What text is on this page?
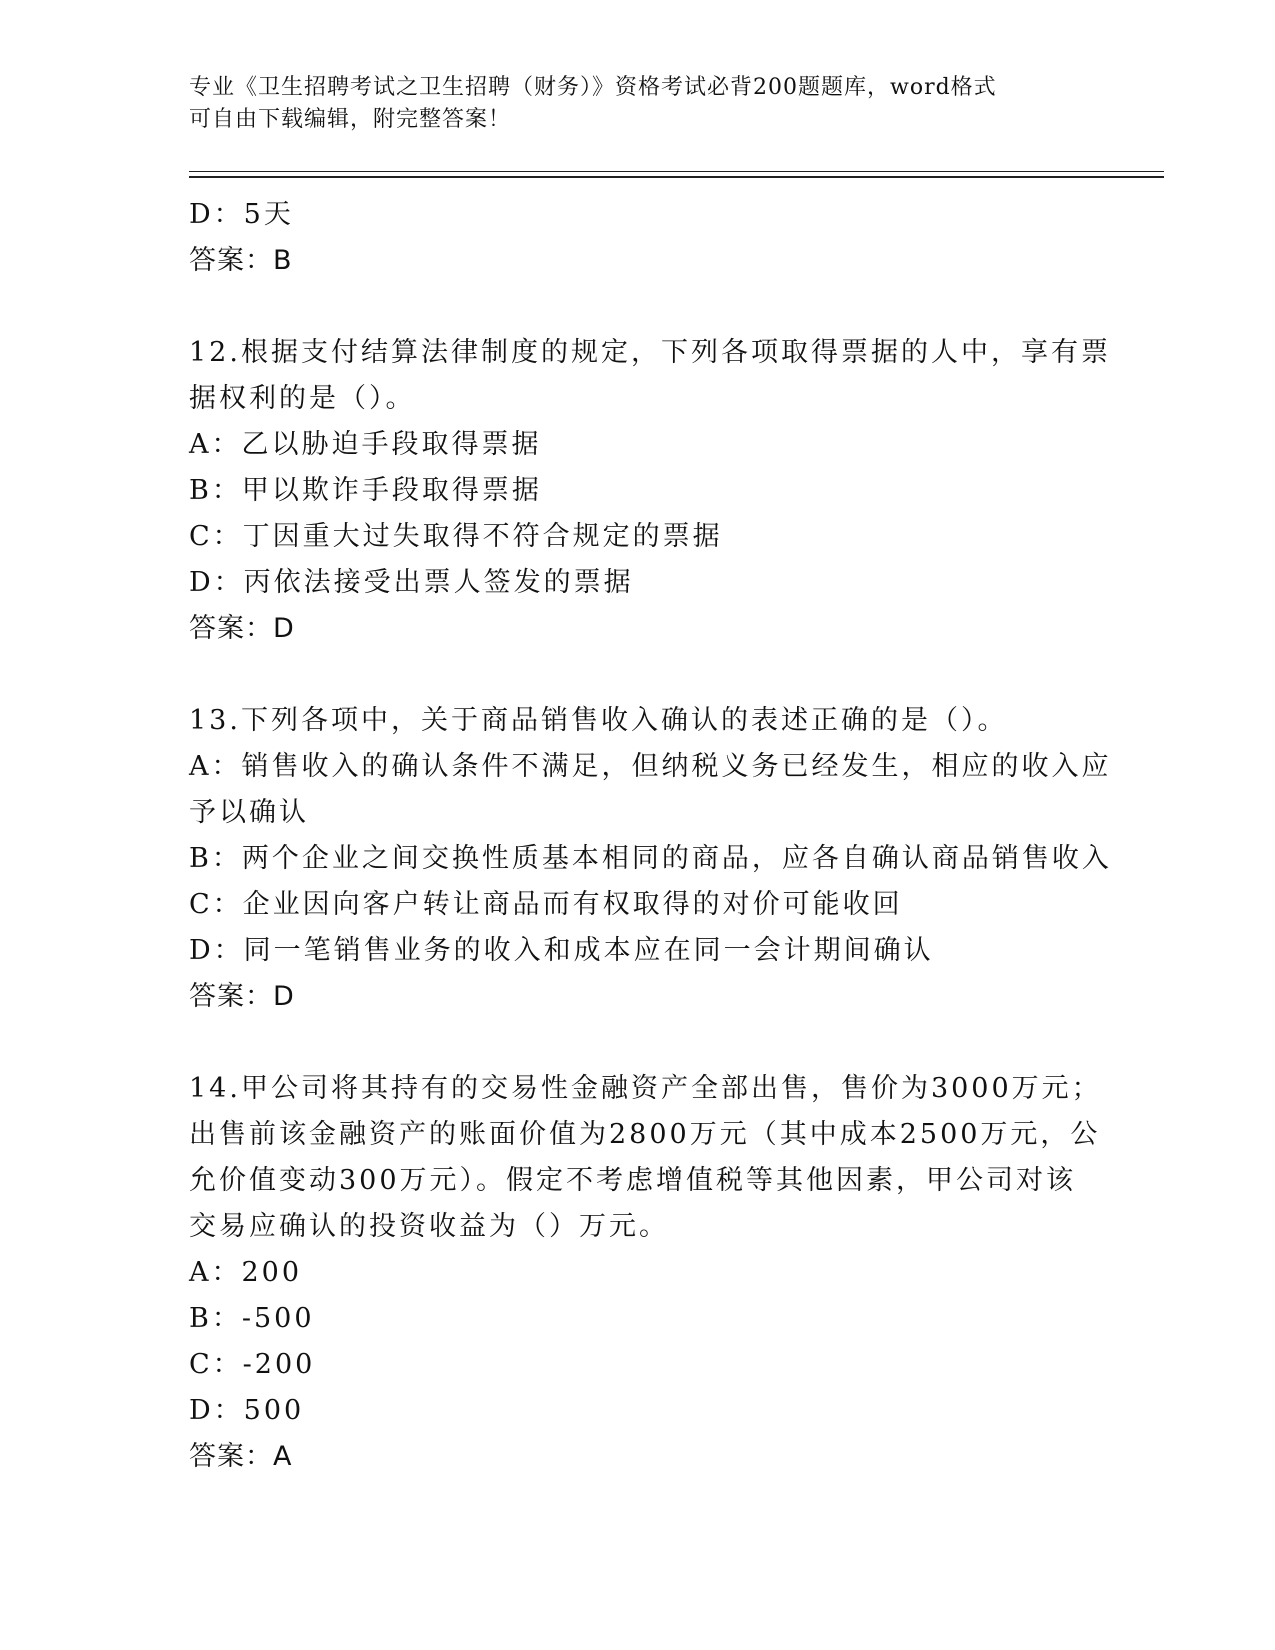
专业《卫生招聘考试之卫生招聘（财务）》资格考试必背200题题库，word格式
可自由下载编辑，附完整答案！
D：5天
答案：B
12.根据支付结算法律制度的规定，下列各项取得票据的人中，享有票
据权利的是（）。
A：乙以胁迫手段取得票据
B：甲以欺诈手段取得票据
C：丁因重大过失取得不符合规定的票据
D：丙依法接受出票人签发的票据
答案：D
13.下列各项中，关于商品销售收入确认的表述正确的是（）。
A：销售收入的确认条件不满足，但纳税义务已经发生，相应的收入应
予以确认
B：两个企业之间交换性质基本相同的商品，应各自确认商品销售收入
C：企业因向客户转让商品而有权取得的对价可能收回
D：同一笔销售业务的收入和成本应在同一会计期间确认
答案：D
14.甲公司将其持有的交易性金融资产全部出售，售价为3000万元；
出售前该金融资产的账面价值为2800万元（其中成本2500万元，公
允价值变动300万元）。假定不考虑增值税等其他因素，甲公司对该
交易应确认的投资收益为（）万元。
A：200
B：-500
C：-200
D：500
答案：A
